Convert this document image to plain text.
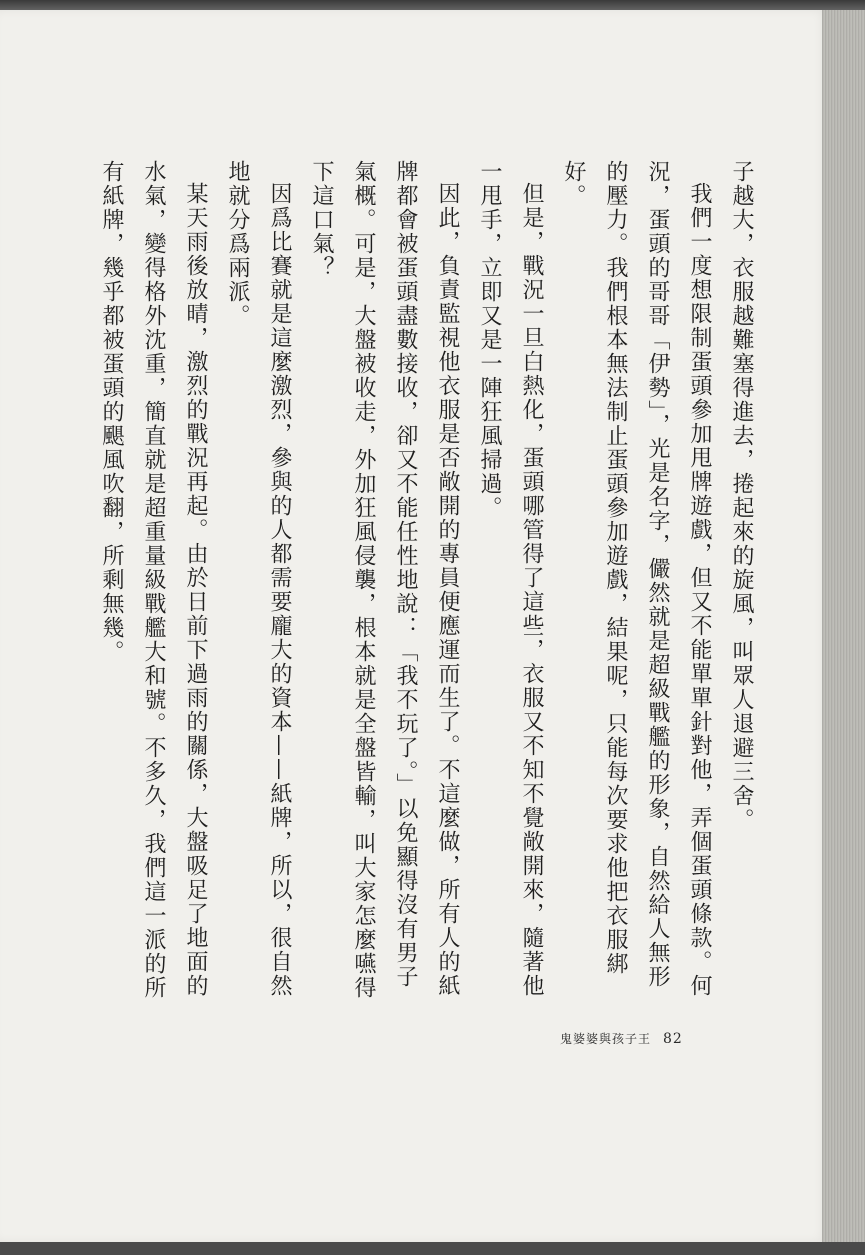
子越大，衣服越難塞得進去，捲起來的旋風，叫眾人退避三舍。

我們一度想限制蛋頭參加甩牌遊戲，但又不能單單針對他，弄個蛋頭條款。何況，蛋頭的哥哥「伊勢」，光是名字，儼然就是超級戰艦的形象，自然給人無形的壓力。我們根本無法制止蛋頭參加遊戲，結果呢，只能每次要求他把衣服綁好。

但是，戰況一旦白熱化，蛋頭哪管得了這些，衣服又不知不覺敞開來，隨著他一甩手，立即又是一陣狂風掃過。

因此，負責監視他衣服是否敞開的專員便應運而生了。不這麼做，所有人的紙牌都會被蛋頭盡數接收，卻又不能任性地說：「我不玩了。」以免顯得沒有男子氣概。可是，大盤被收走，外加狂風侵襲，根本就是全盤皆輸，叫大家怎麼嚥得下這口氣？

因爲比賽就是這麼激烈，參與的人都需要龐大的資本——紙牌，所以，很自然地就分爲兩派。

某天雨後放晴，激烈的戰況再起。由於日前下過雨的關係，大盤吸足了地面的水氣，變得格外沈重，簡直就是超重量級戰艦大和號。不多久，我們這一派的所有紙牌，幾乎都被蛋頭的颶風吹翻，所剩無幾。

鬼婆婆與孩子王 82
